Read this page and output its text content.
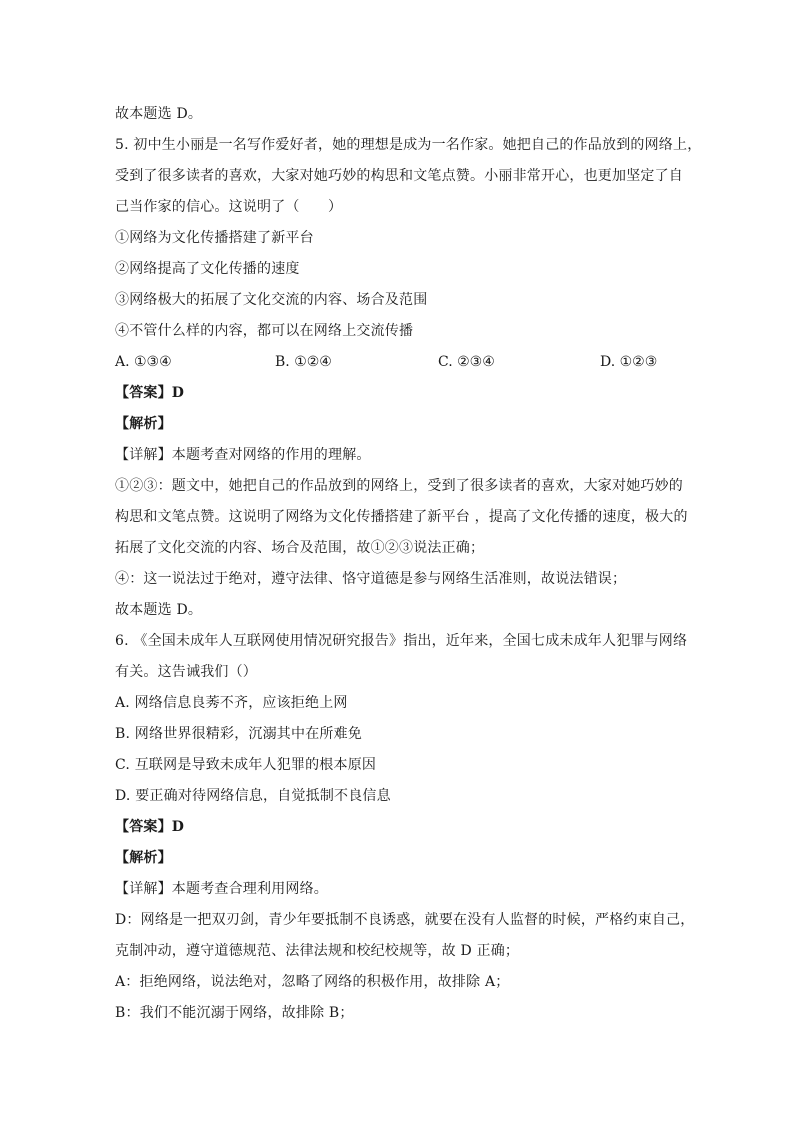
故本题选 D。
5. 初中生小丽是一名写作爱好者，她的理想是成为一名作家。她把自己的作品放到的网络上，
受到了很多读者的喜欢，大家对她巧妙的构思和文笔点赞。小丽非常开心，也更加坚定了自
己当作家的信心。这说明了（　　）
①网络为文化传播搭建了新平台
②网络提高了文化传播的速度
③网络极大的拓展了文化交流的内容、场合及范围
④不管什么样的内容，都可以在网络上交流传播
A. ①③④	B. ①②④	C. ②③④	D. ①②③
【答案】D
【解析】
【详解】本题考查对网络的作用的理解。
①②③：题文中，她把自己的作品放到的网络上，受到了很多读者的喜欢，大家对她巧妙的
构思和文笔点赞。这说明了网络为文化传播搭建了新平台 ，提高了文化传播的速度，极大的
拓展了文化交流的内容、场合及范围，故①②③说法正确；
④：这一说法过于绝对，遵守法律、恪守道德是参与网络生活准则，故说法错误；
故本题选 D。
6. 《全国未成年人互联网使用情况研究报告》指出，近年来，全国七成未成年人犯罪与网络
有关。这告诫我们（）
A. 网络信息良莠不齐，应该拒绝上网
B. 网络世界很精彩，沉溺其中在所难免
C. 互联网是导致未成年人犯罪的根本原因
D. 要正确对待网络信息，自觉抵制不良信息
【答案】D
【解析】
【详解】本题考查合理利用网络。
D：网络是一把双刃剑，青少年要抵制不良诱惑，就要在没有人监督的时候，严格约束自己，
克制冲动，遵守道德规范、法律法规和校纪校规等，故 D 正确；
A：拒绝网络，说法绝对，忽略了网络的积极作用，故排除 A；
B：我们不能沉溺于网络，故排除 B；
